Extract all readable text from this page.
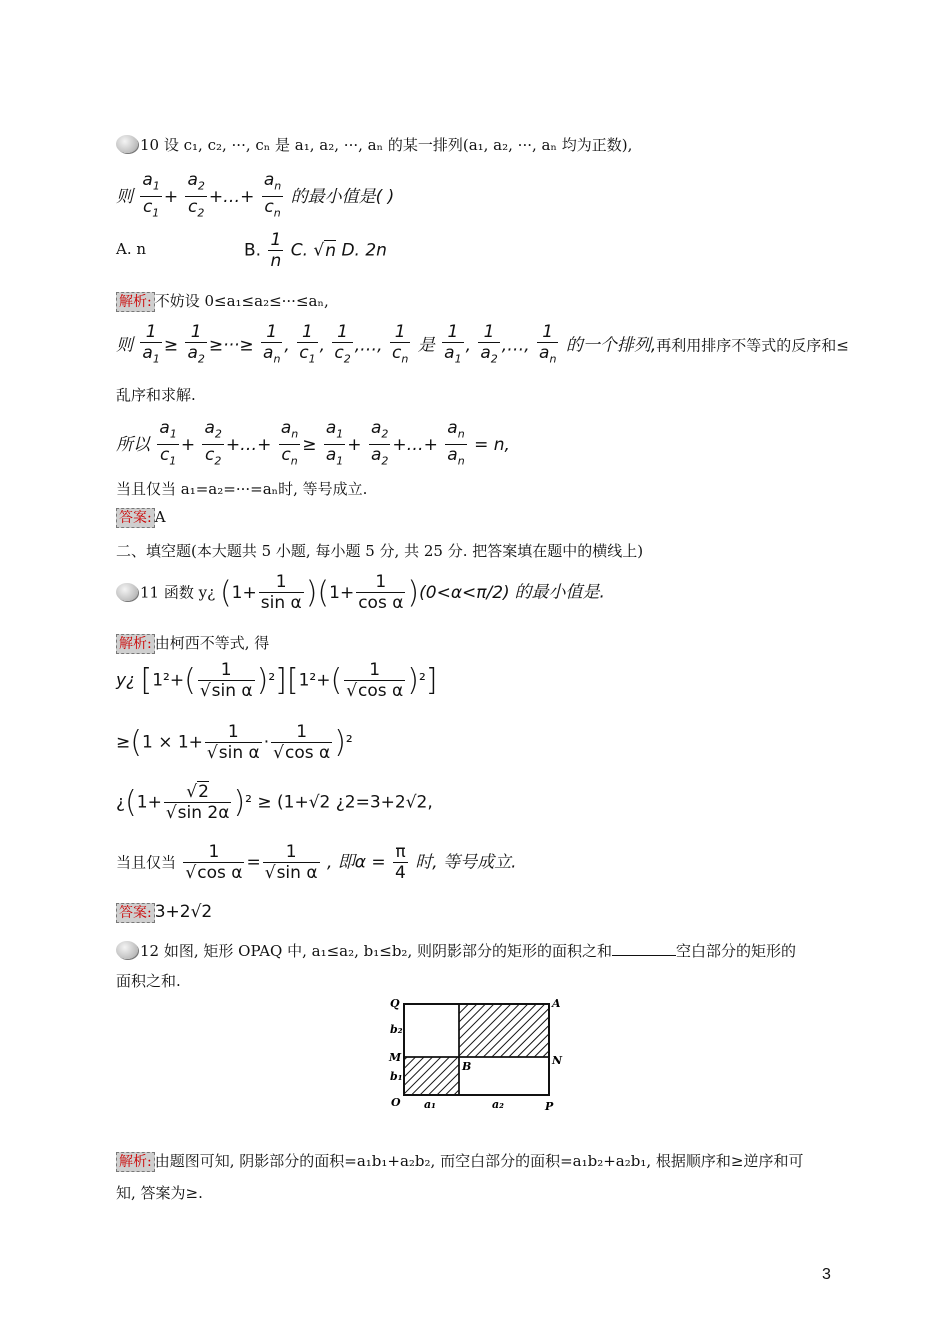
10 设 c₁, c₂, ···, cₙ 是 a₁, a₂, ···, aₙ 的某一排列(a₁, a₂, ···, aₙ 均为正数),
则 $\frac{a_1}{c_1} + \frac{a_2}{c_2}$ +…+ $\frac{a_n}{c_n}$ 的最小值是( )
A. n	B. $\frac{1}{n} C$. √n D. 2n
解析: 不妨设 0≤a₁≤a₂≤···≤aₙ,
则 $\frac{1}{a_1} \ge \frac{1}{a_2}$ ≥···≥ $\frac{1}{a_n}$ , $\frac{1}{c_1}$ , $\frac{1}{c_2}$ ,…, $\frac{1}{c_n}$ 是 $\frac{1}{a_1}$ , $\frac{1}{a_2}$ ,…, $\frac{1}{a_n}$ 的一个排列,再利用排序不等式的反序和≤
乱序和求解.
所以 $\frac{a_1}{c_1} + \frac{a_2}{c_2}$ +…+ $\frac{a_n}{c_n} \ge \frac{a_1}{a_1} + \frac{a_2}{a_2}$ +…+ $\frac{a_n}{a_n} = n$,
当且仅当 a₁=a₂=···=aₙ时, 等号成立.
答案: A
二、填空题(本大题共 5 小题, 每小题 5 分, 共 25 分. 把答案填在题中的横线上)
11 函数 y¿ $(1+ \frac{1}{\text{sin α}} )(1+ \frac{1}{\text{cos α}} )(0<\alpha<\pi/2)$ 的最小值是.
解析: 由柯西不等式, 得
y¿ $[1^2+( \frac{1}{\text{√sin α}} )^2][1^2+( \frac{1}{\text{√cos α}} )^2]$
$\ge(1 \times 1+ \frac{1}{\text{√sin α}} \cdot \frac{1}{\text{√cos α}} )^2$
¿$(1+ \frac{√2}{√\sin 2\alpha} )^2 \ge (1+√2$ ¿2=3+2√2,
当且仅当 $\frac{1}{\text{√cos α}} = \frac{1}{\text{√sin α}}$ , 即$\alpha = \frac{\pi}{4}$ 时, 等号成立.
答案: 3+2√2
12 如图, 矩形 OPAQ 中, a₁≤a₂, b₁≤b₂, 则阴影部分的矩形的面积之和	空白部分的矩形的
面积之和.
Q	A
M	N
B
O	P
b₂
b₁
a₁	a₂
解析: 由题图可知, 阴影部分的面积=a₁b₁+a₂b₂, 而空白部分的面积=a₁b₂+a₂b₁, 根据顺序和≥逆序和可
知, 答案为≥.
3
